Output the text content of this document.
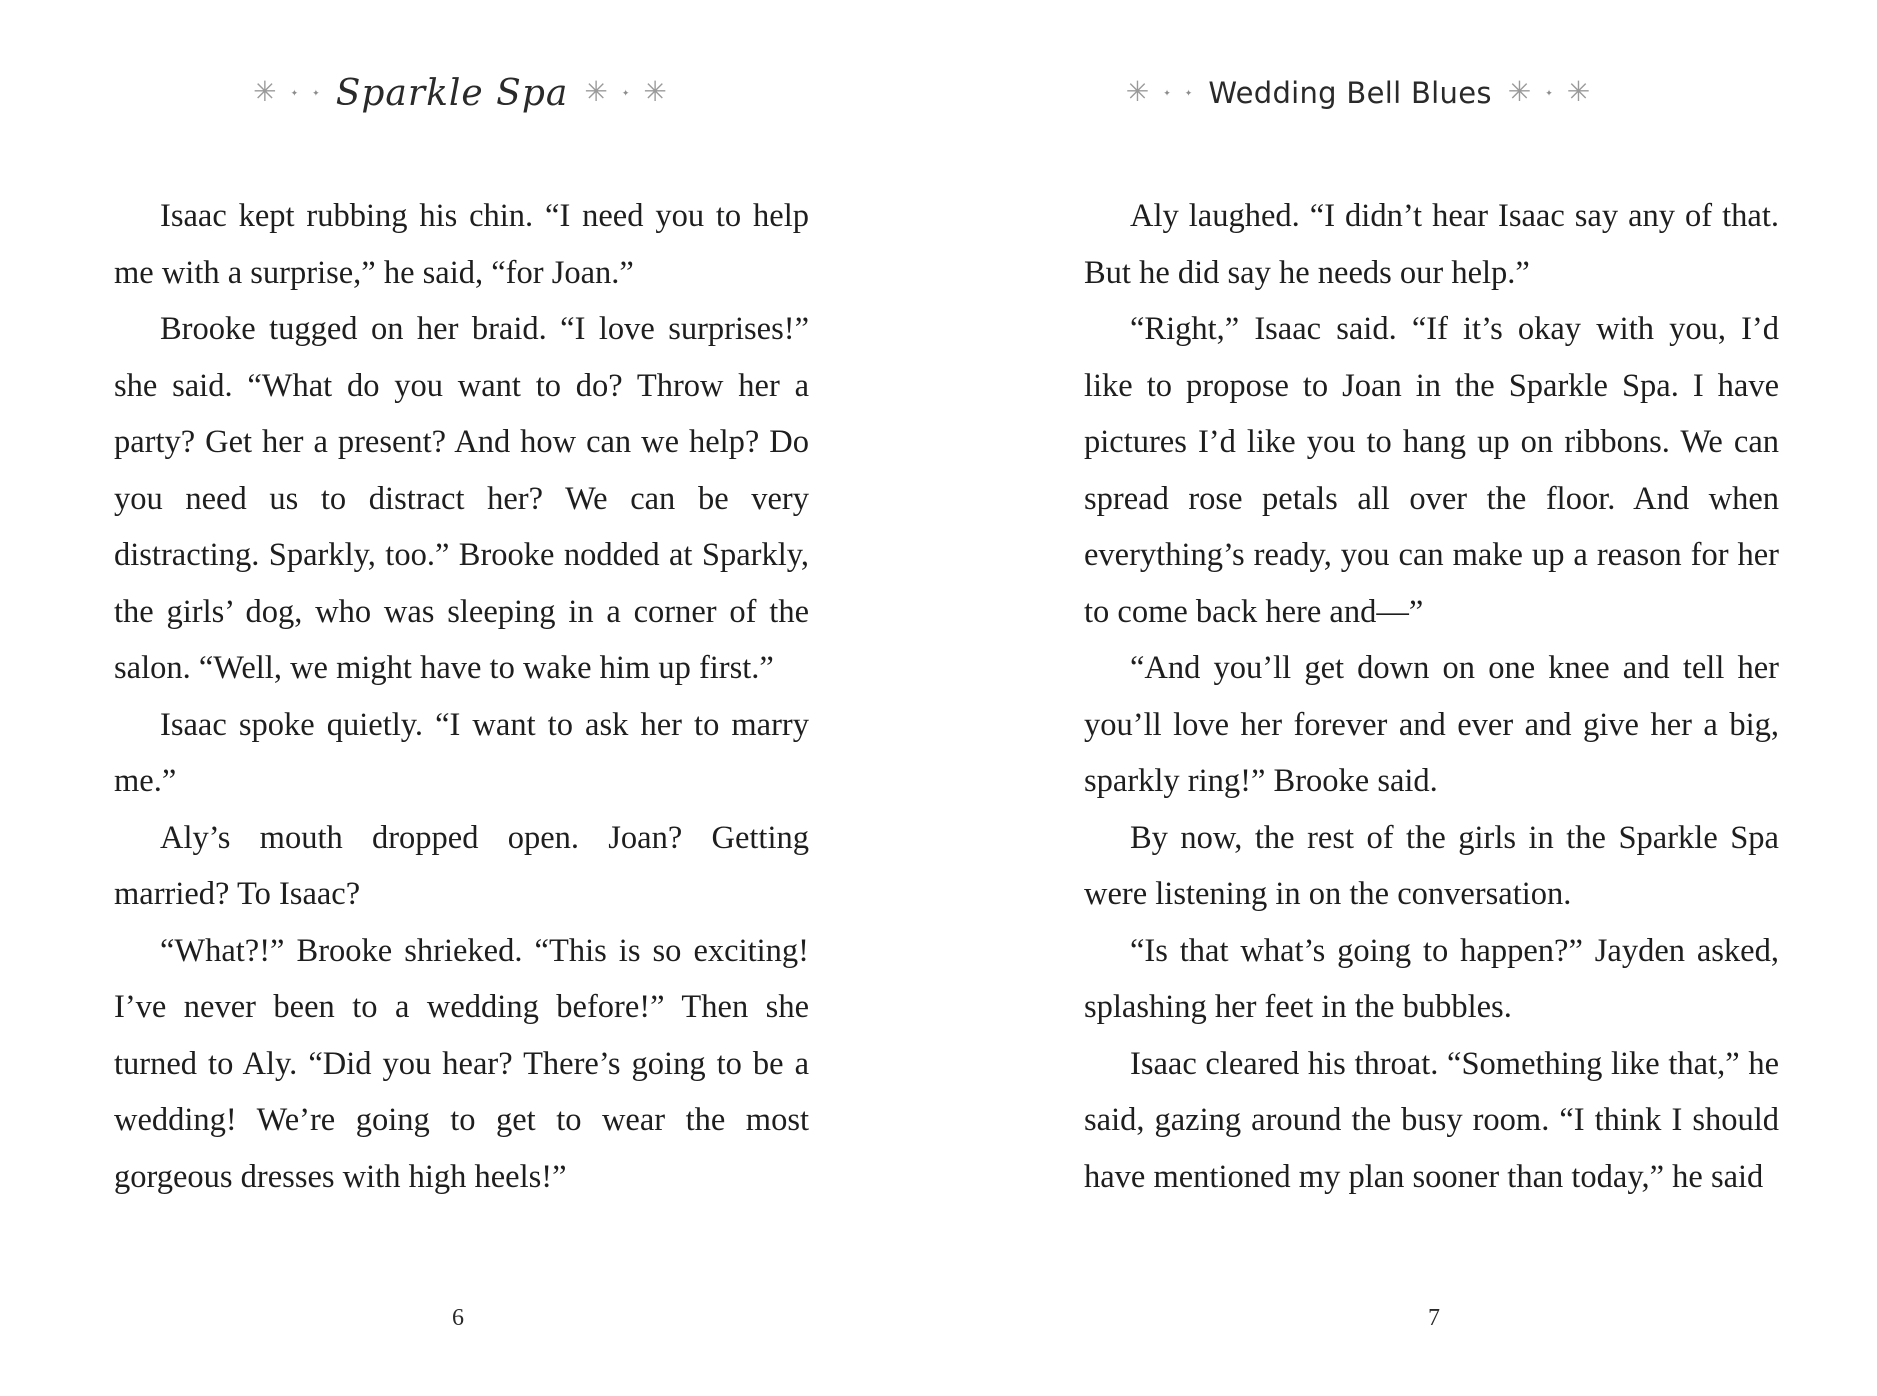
✳ ✦ ✦ Sparkle Spa ✳ ✦ ✳

Isaac kept rubbing his chin. “I need you to help me with a surprise,” he said, “for Joan.”

Brooke tugged on her braid. “I love surprises!” she said. “What do you want to do? Throw her a party? Get her a present? And how can we help? Do you need us to distract her? We can be very distracting. Sparkly, too.” Brooke nodded at Sparkly, the girls’ dog, who was sleeping in a corner of the salon. “Well, we might have to wake him up first.”

Isaac spoke quietly. “I want to ask her to marry me.”

Aly’s mouth dropped open. Joan? Getting married? To Isaac?

“What?!” Brooke shrieked. “This is so exciting! I’ve never been to a wedding before!” Then she turned to Aly. “Did you hear? There’s going to be a wedding! We’re going to get to wear the most gorgeous dresses with high heels!”

6
✳ ✦ ✦ Wedding Bell Blues ✳ ✦ ✳

Aly laughed. “I didn’t hear Isaac say any of that. But he did say he needs our help.”

“Right,” Isaac said. “If it’s okay with you, I’d like to propose to Joan in the Sparkle Spa. I have pictures I’d like you to hang up on ribbons. We can spread rose petals all over the floor. And when everything’s ready, you can make up a reason for her to come back here and—”

“And you’ll get down on one knee and tell her you’ll love her forever and ever and give her a big, sparkly ring!” Brooke said.

By now, the rest of the girls in the Sparkle Spa were listening in on the conversation.

“Is that what’s going to happen?” Jayden asked, splashing her feet in the bubbles.

Isaac cleared his throat. “Something like that,” he said, gazing around the busy room. “I think I should have mentioned my plan sooner than today,” he said

7
